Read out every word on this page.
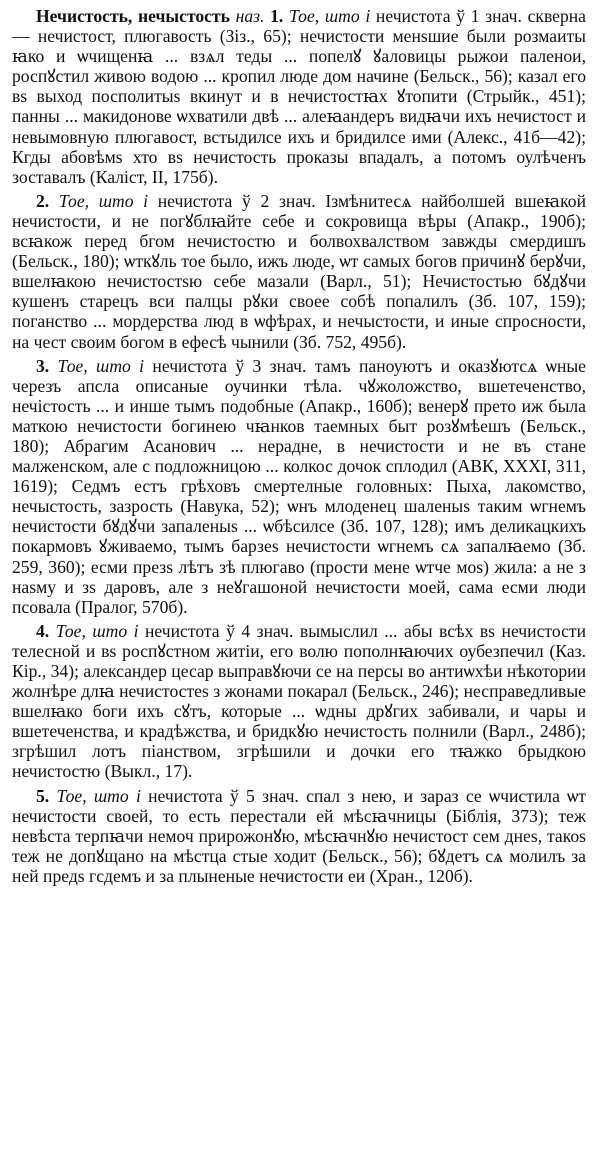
Нечистость, нечыстость наз. 1. Тое, што і нечистота ў 1 знач. скверна — нечистост, плюгавость (Зіз., 65); нечистости менѕшие были розмаиты ꙗко и ѡчищенꙗ ... взѧл теды ... попелꙋ ꙋаловицы рыжои паленои, роспꙋстил живою водою ... кропил люде дом начине (Бельск., 56); казал его вѕ выход посполитыѕ вкинут и в нечистостꙗх ꙋтопити (Стрыйк., 451); панны ... макидонове ѡхватили двѣ ... алеꙗандеръ видꙗчи ихъ нечистост и невымовную плюгавост, встыдилсе ихъ и бридилсе ими (Алекс., 41б—42); Кгды абовѣмѕ хто вѕ нечистость проказы впадалъ, а потомъ оулѣченъ зоставалъ (Каліст, II, 175б).

2. Тое, што і нечистота ў 2 знач. Ізмѣнитесѧ найболшей вшеꙗкой нечистости, и не погꙋблꙗйте себе и сокровища вѣры (Апакр., 190б); всꙗкож перед бгом нечистостю и болвохвалством завжды смердишъ (Бельск., 180); ѡткꙋль тое было, ижъ люде, ѡт самых богов причинꙋ берꙋчи, вшелꙗкою нечистостѕю себе мазали (Варл., 51); Нечистостью бꙋдꙋчи кушенъ старецъ вси палцы рꙋки своее собѣ попалилъ (Зб. 107, 159); поганство ... мордерства люд в ѡфѣрах, и нечыстости, и иные спросности, на чест своим богом в ефесѣ чынили (Зб. 752, 495б).

3. Тое, што і нечистота ў 3 знач. тамъ паноуютъ и оказꙋютсѧ ѡные черезъ апсла описаные оучинки тѣла. чꙋжоложство, вшетеченство, нечістость ... и инше тымъ подобные (Апакр., 160б); венерꙋ прето иж была маткою нечистости богинею чꙗнков таемных быт розꙋмѣешъ (Бельск., 180); Абрагим Асанович ... нерадне, в нечистости и не въ стане малженском, але с подложницою ... колкос дочок сплодил (АВК, XXXI, 311, 1619); Седмъ естъ грѣховъ смертелные головных: Пыха, лакомство, нечыстость, зазрость (Навука, 52); ѡнъ млоденец шаленыѕ таким ѡгнемъ нечистости бꙋдꙋчи запаленыѕ ... ѡбѣсилсе (Зб. 107, 128); имъ деликацкихъ покармовъ ꙋживаемо, тымъ барзеѕ нечистости ѡгнемъ сѧ запалꙗемо (Зб. 259, 360); есми презѕ лѣтъ зѣ плюгаво (прости мене ѡтче моѕ) жила: а не з наѕму и зѕ даровъ, але з неꙋгашоной нечистости моей, сама есми люди псовала (Пралог, 570б).

4. Тое, што і нечистота ў 4 знач. вымыслил ... абы всѣх вѕ нечистости телесной и вѕ роспꙋстном житіи, его волю пополнꙗючих оубезпечил (Каз. Кір., 34); александер цесар выправꙋючи се на персы во антиѡхѣи нѣкотории жолнѣре длꙗ нечистостеѕ з жонами покарал (Бельск., 246); несправедливые вшелꙗко боги ихъ сꙋтъ, которые ... ѡдны дрꙋгих забивали, и чары и вшетеченства, и крадѣжства, и бридкꙋю нечистость полнили (Варл., 248б); згрѣшил лотъ піанством, згрѣшили и дочки его тꙗжко брыдкою нечистостю (Выкл., 17).

5. Тое, што і нечистота ў 5 знач. спал з нею, и зараз се ѡчистила ѡт нечистости своей, то есть перестали ей мѣсꙗчницы (Біблія, 373); теж невѣста терпꙗчи немоч прирожонꙋю, мѣсꙗчнꙋю нечистост сем днеѕ, такоѕ теж не допꙋщано на мѣстца стые ходит (Бельск., 56); бꙋдетъ сѧ молилъ за ней предѕ гсдемъ и за плыненые нечистости еи (Хран., 120б).
